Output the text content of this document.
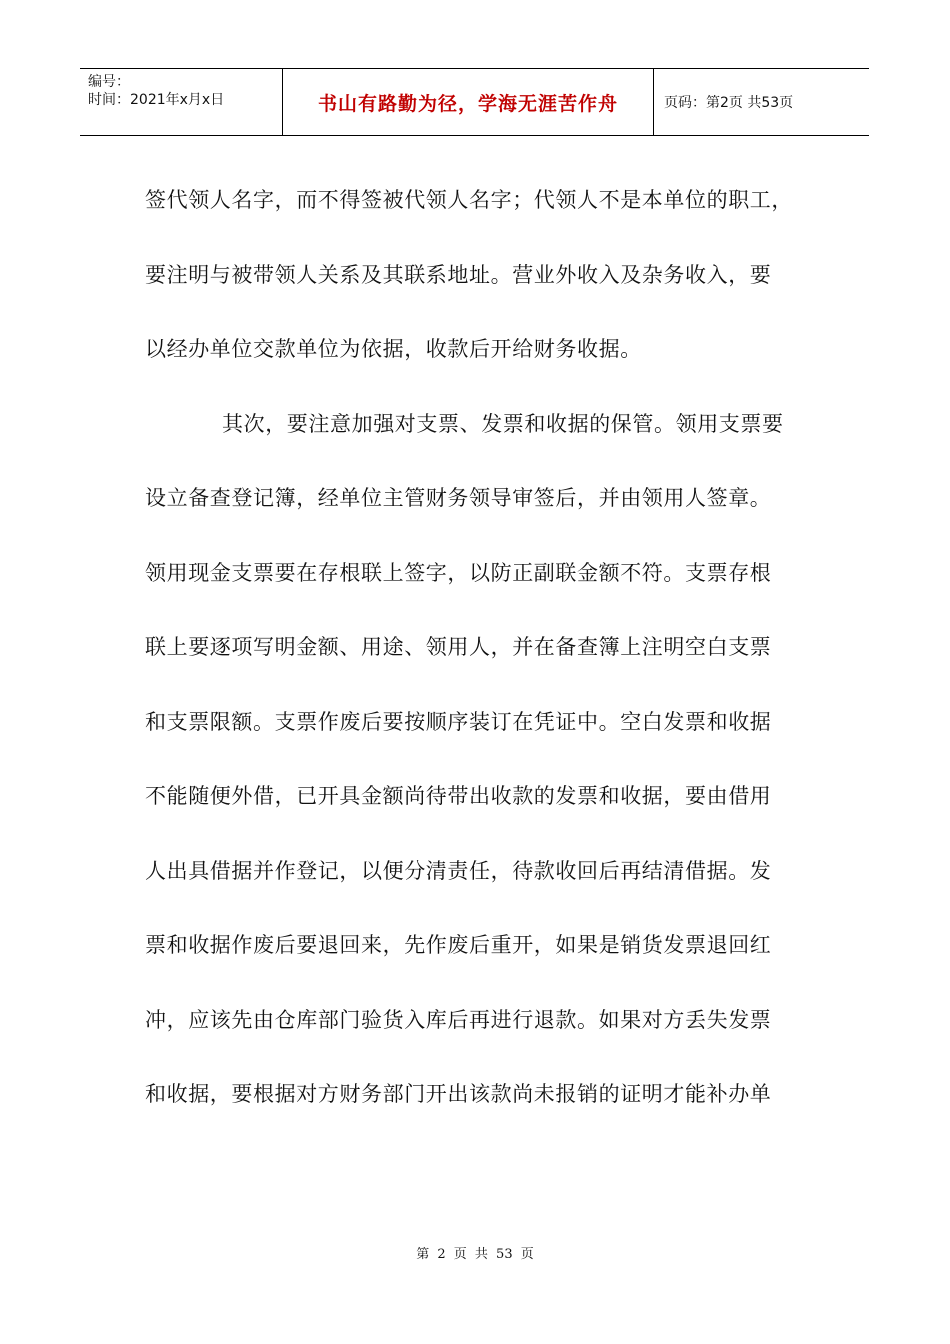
编号：
时间：2021年x月x日	书山有路勤为径，学海无涯苦作舟	页码：第2页 共53页
签代领人名字，而不得签被代领人名字；代领人不是本单位的职工，
要注明与被带领人关系及其联系地址。营业外收入及杂务收入，要
以经办单位交款单位为依据，收款后开给财务收据。
其次，要注意加强对支票、发票和收据的保管。领用支票要
设立备查登记簿，经单位主管财务领导审签后，并由领用人签章。
领用现金支票要在存根联上签字，以防正副联金额不符。支票存根
联上要逐项写明金额、用途、领用人，并在备查簿上注明空白支票
和支票限额。支票作废后要按顺序装订在凭证中。空白发票和收据
不能随便外借，已开具金额尚待带出收款的发票和收据，要由借用
人出具借据并作登记，以便分清责任，待款收回后再结清借据。发
票和收据作废后要退回来，先作废后重开，如果是销货发票退回红
冲，应该先由仓库部门验货入库后再进行退款。如果对方丢失发票
和收据，要根据对方财务部门开出该款尚未报销的证明才能补办单
第 2 页 共 53 页
